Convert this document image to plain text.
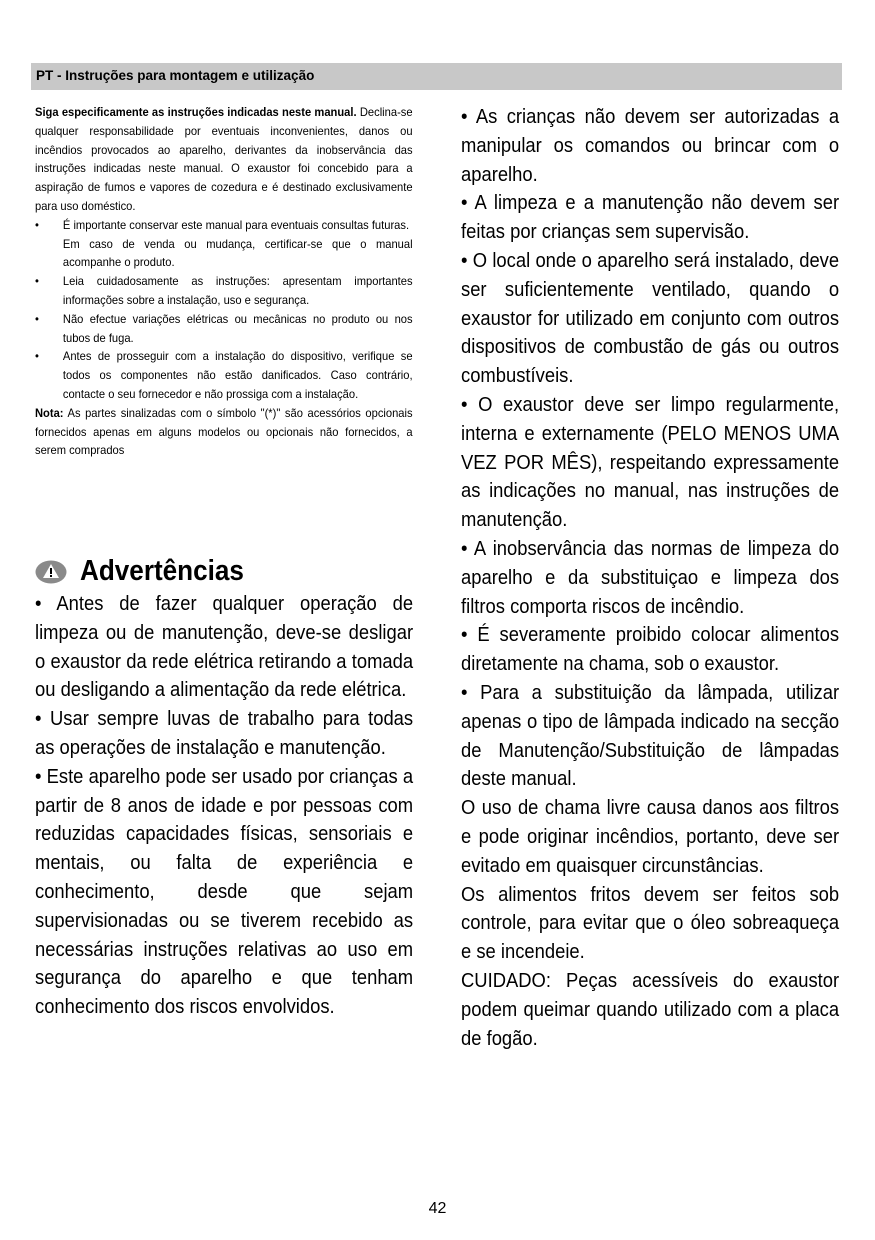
PT - Instruções para montagem e utilização

Siga especificamente as instruções indicadas neste manual. Declina-se qualquer responsabilidade por eventuais inconvenientes, danos ou incêndios provocados ao aparelho, derivantes da inobservância das instruções indicadas neste manual. O exaustor foi concebido para a aspiração de fumos e vapores de cozedura e é destinado exclusivamente para uso doméstico.

• É importante conservar este manual para eventuais consultas futuras.
Em caso de venda ou mudança, certificar-se que o manual acompanhe o produto.
• Leia cuidadosamente as instruções: apresentam importantes informações sobre a instalação, uso e segurança.
• Não efectue variações elétricas ou mecânicas no produto ou nos tubos de fuga.
• Antes de prosseguir com a instalação do dispositivo, verifique se todos os componentes não estão danificados. Caso contrário, contacte o seu fornecedor e não prossiga com a instalação.

Nota: As partes sinalizadas com o símbolo "(*)" são acessórios opcionais fornecidos apenas em alguns modelos ou opcionais não fornecidos, a serem comprados

Advertências

• Antes de fazer qualquer operação de limpeza ou de manutenção, deve-se desligar o exaustor da rede elétrica retirando a tomada ou desligando a alimentação da rede elétrica.

• Usar sempre luvas de trabalho para todas as operações de instalação e manutenção.

• Este aparelho pode ser usado por crianças a partir de 8 anos de idade e por pessoas com reduzidas capacidades físicas, sensoriais e mentais, ou falta de experiência e conhecimento, desde que sejam supervisionadas ou se tiverem recebido as necessárias instruções relativas ao uso em segurança do aparelho e que tenham conhecimento dos riscos envolvidos.

• As crianças não devem ser autorizadas a manipular os comandos ou brincar com o aparelho.

• A limpeza e a manutenção não devem ser feitas por crianças sem supervisão.

• O local onde o aparelho será instalado, deve ser suficientemente ventilado, quando o exaustor for utilizado em conjunto com outros dispositivos de combustão de gás ou outros combustíveis.

• O exaustor deve ser limpo regularmente, interna e externamente (PELO MENOS UMA VEZ POR MÊS), respeitando expressamente as indicações no manual, nas instruções de manutenção.

• A inobservância das normas de limpeza do aparelho e da substituiçao e limpeza dos filtros comporta riscos de incêndio.

• É severamente proibido colocar alimentos diretamente na chama, sob o exaustor.

• Para a substituição da lâmpada, utilizar apenas o tipo de lâmpada indicado na secção de Manutenção/Substituição de lâmpadas deste manual.

O uso de chama livre causa danos aos filtros e pode originar incêndios, portanto, deve ser evitado em quaisquer circunstâncias.

Os alimentos fritos devem ser feitos sob controle, para evitar que o óleo sobreaqueça e se incendeie.

CUIDADO: Peças acessíveis do exaustor podem queimar quando utilizado com a placa de fogão.

42
